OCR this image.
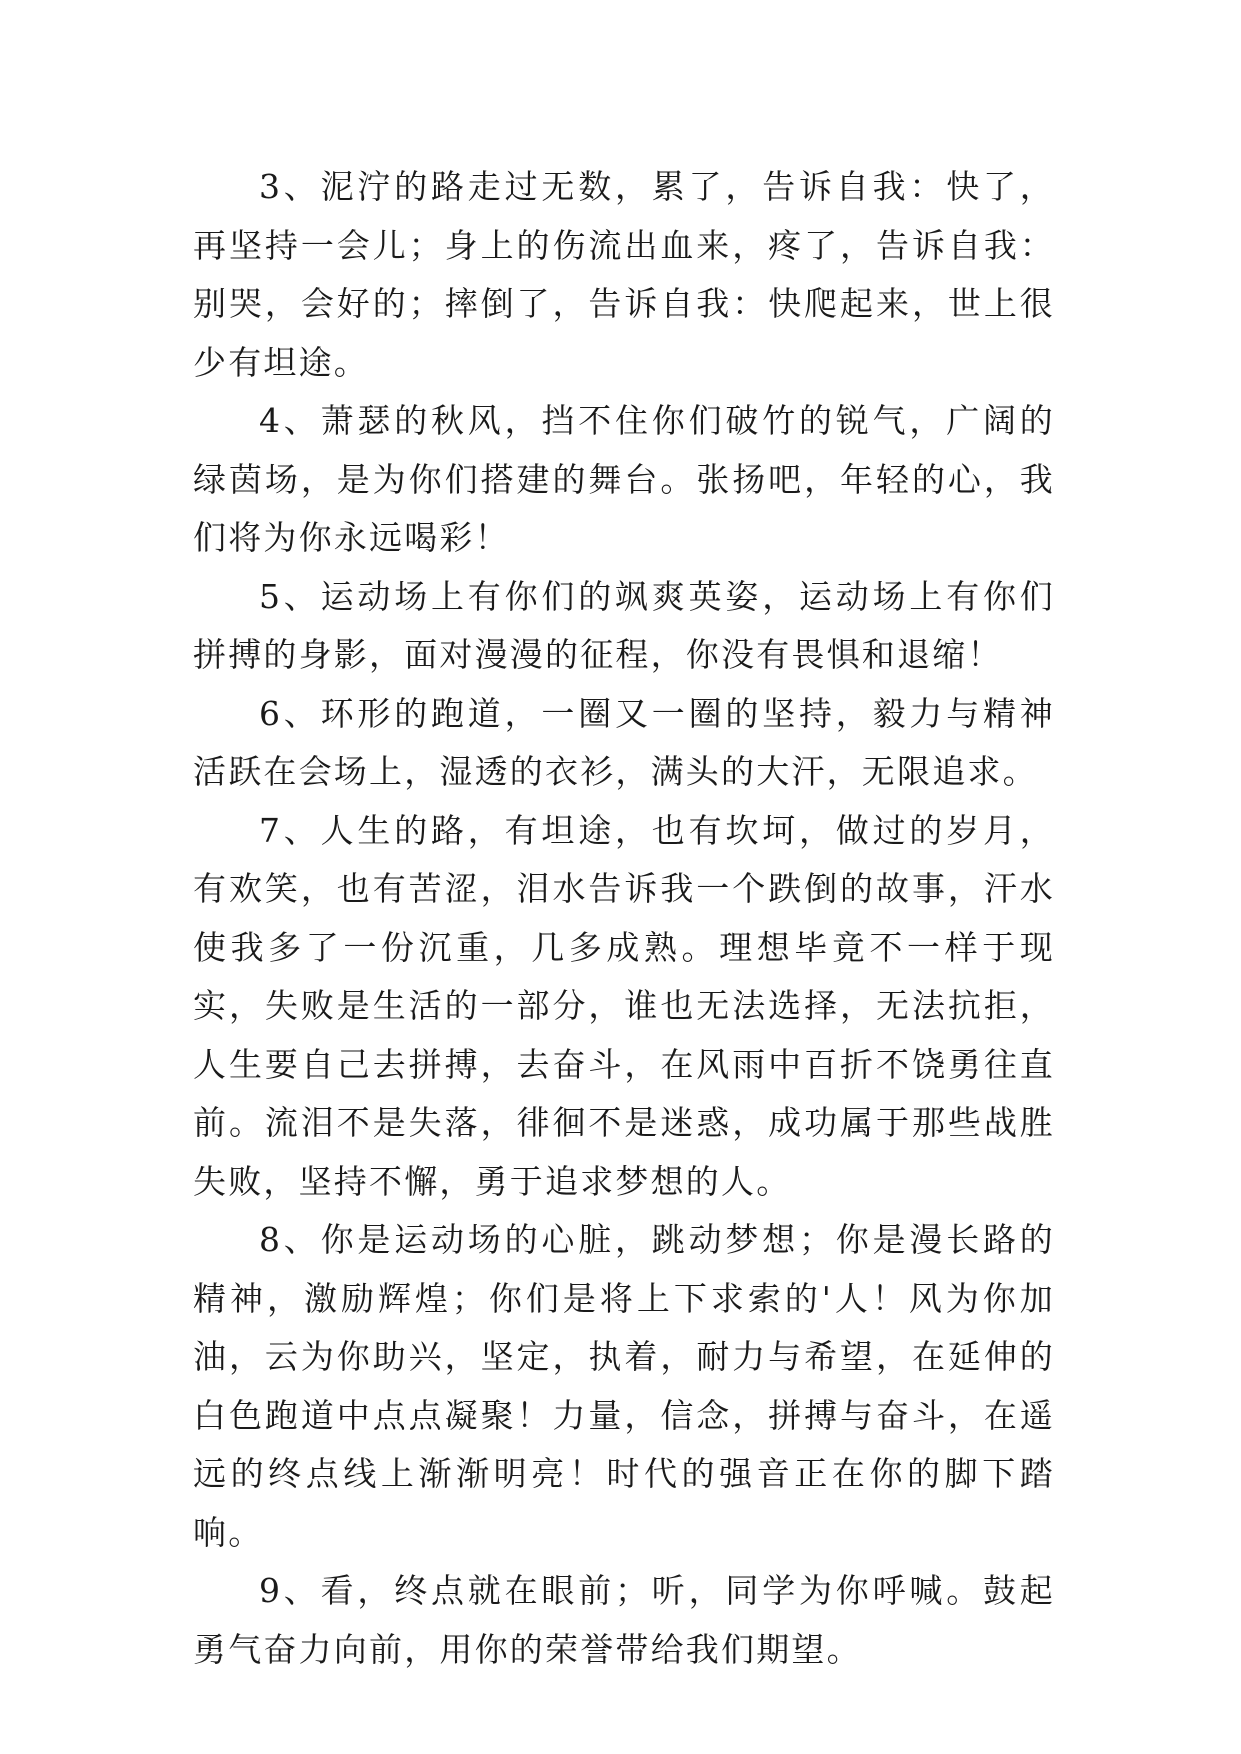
3、泥泞的路走过无数，累了，告诉自我：快了，再坚持一会儿；身上的伤流出血来，疼了，告诉自我：别哭，会好的；摔倒了，告诉自我：快爬起来，世上很少有坦途。

4、萧瑟的秋风，挡不住你们破竹的锐气，广阔的绿茵场，是为你们搭建的舞台。张扬吧，年轻的心，我们将为你永远喝彩！

5、运动场上有你们的飒爽英姿，运动场上有你们拼搏的身影，面对漫漫的征程，你没有畏惧和退缩！

6、环形的跑道，一圈又一圈的坚持，毅力与精神活跃在会场上，湿透的衣衫，满头的大汗，无限追求。

7、人生的路，有坦途，也有坎坷，做过的岁月，有欢笑，也有苦涩，泪水告诉我一个跌倒的故事，汗水使我多了一份沉重，几多成熟。理想毕竟不一样于现实，失败是生活的一部分，谁也无法选择，无法抗拒，人生要自己去拼搏，去奋斗，在风雨中百折不饶勇往直前。流泪不是失落，徘徊不是迷惑，成功属于那些战胜失败，坚持不懈，勇于追求梦想的人。

8、你是运动场的心脏，跳动梦想；你是漫长路的精神，激励辉煌；你们是将上下求索的'人！风为你加油，云为你助兴，坚定，执着，耐力与希望，在延伸的白色跑道中点点凝聚！力量，信念，拼搏与奋斗，在遥远的终点线上渐渐明亮！时代的强音正在你的脚下踏响。

9、看，终点就在眼前；听，同学为你呼喊。鼓起勇气奋力向前，用你的荣誉带给我们期望。
